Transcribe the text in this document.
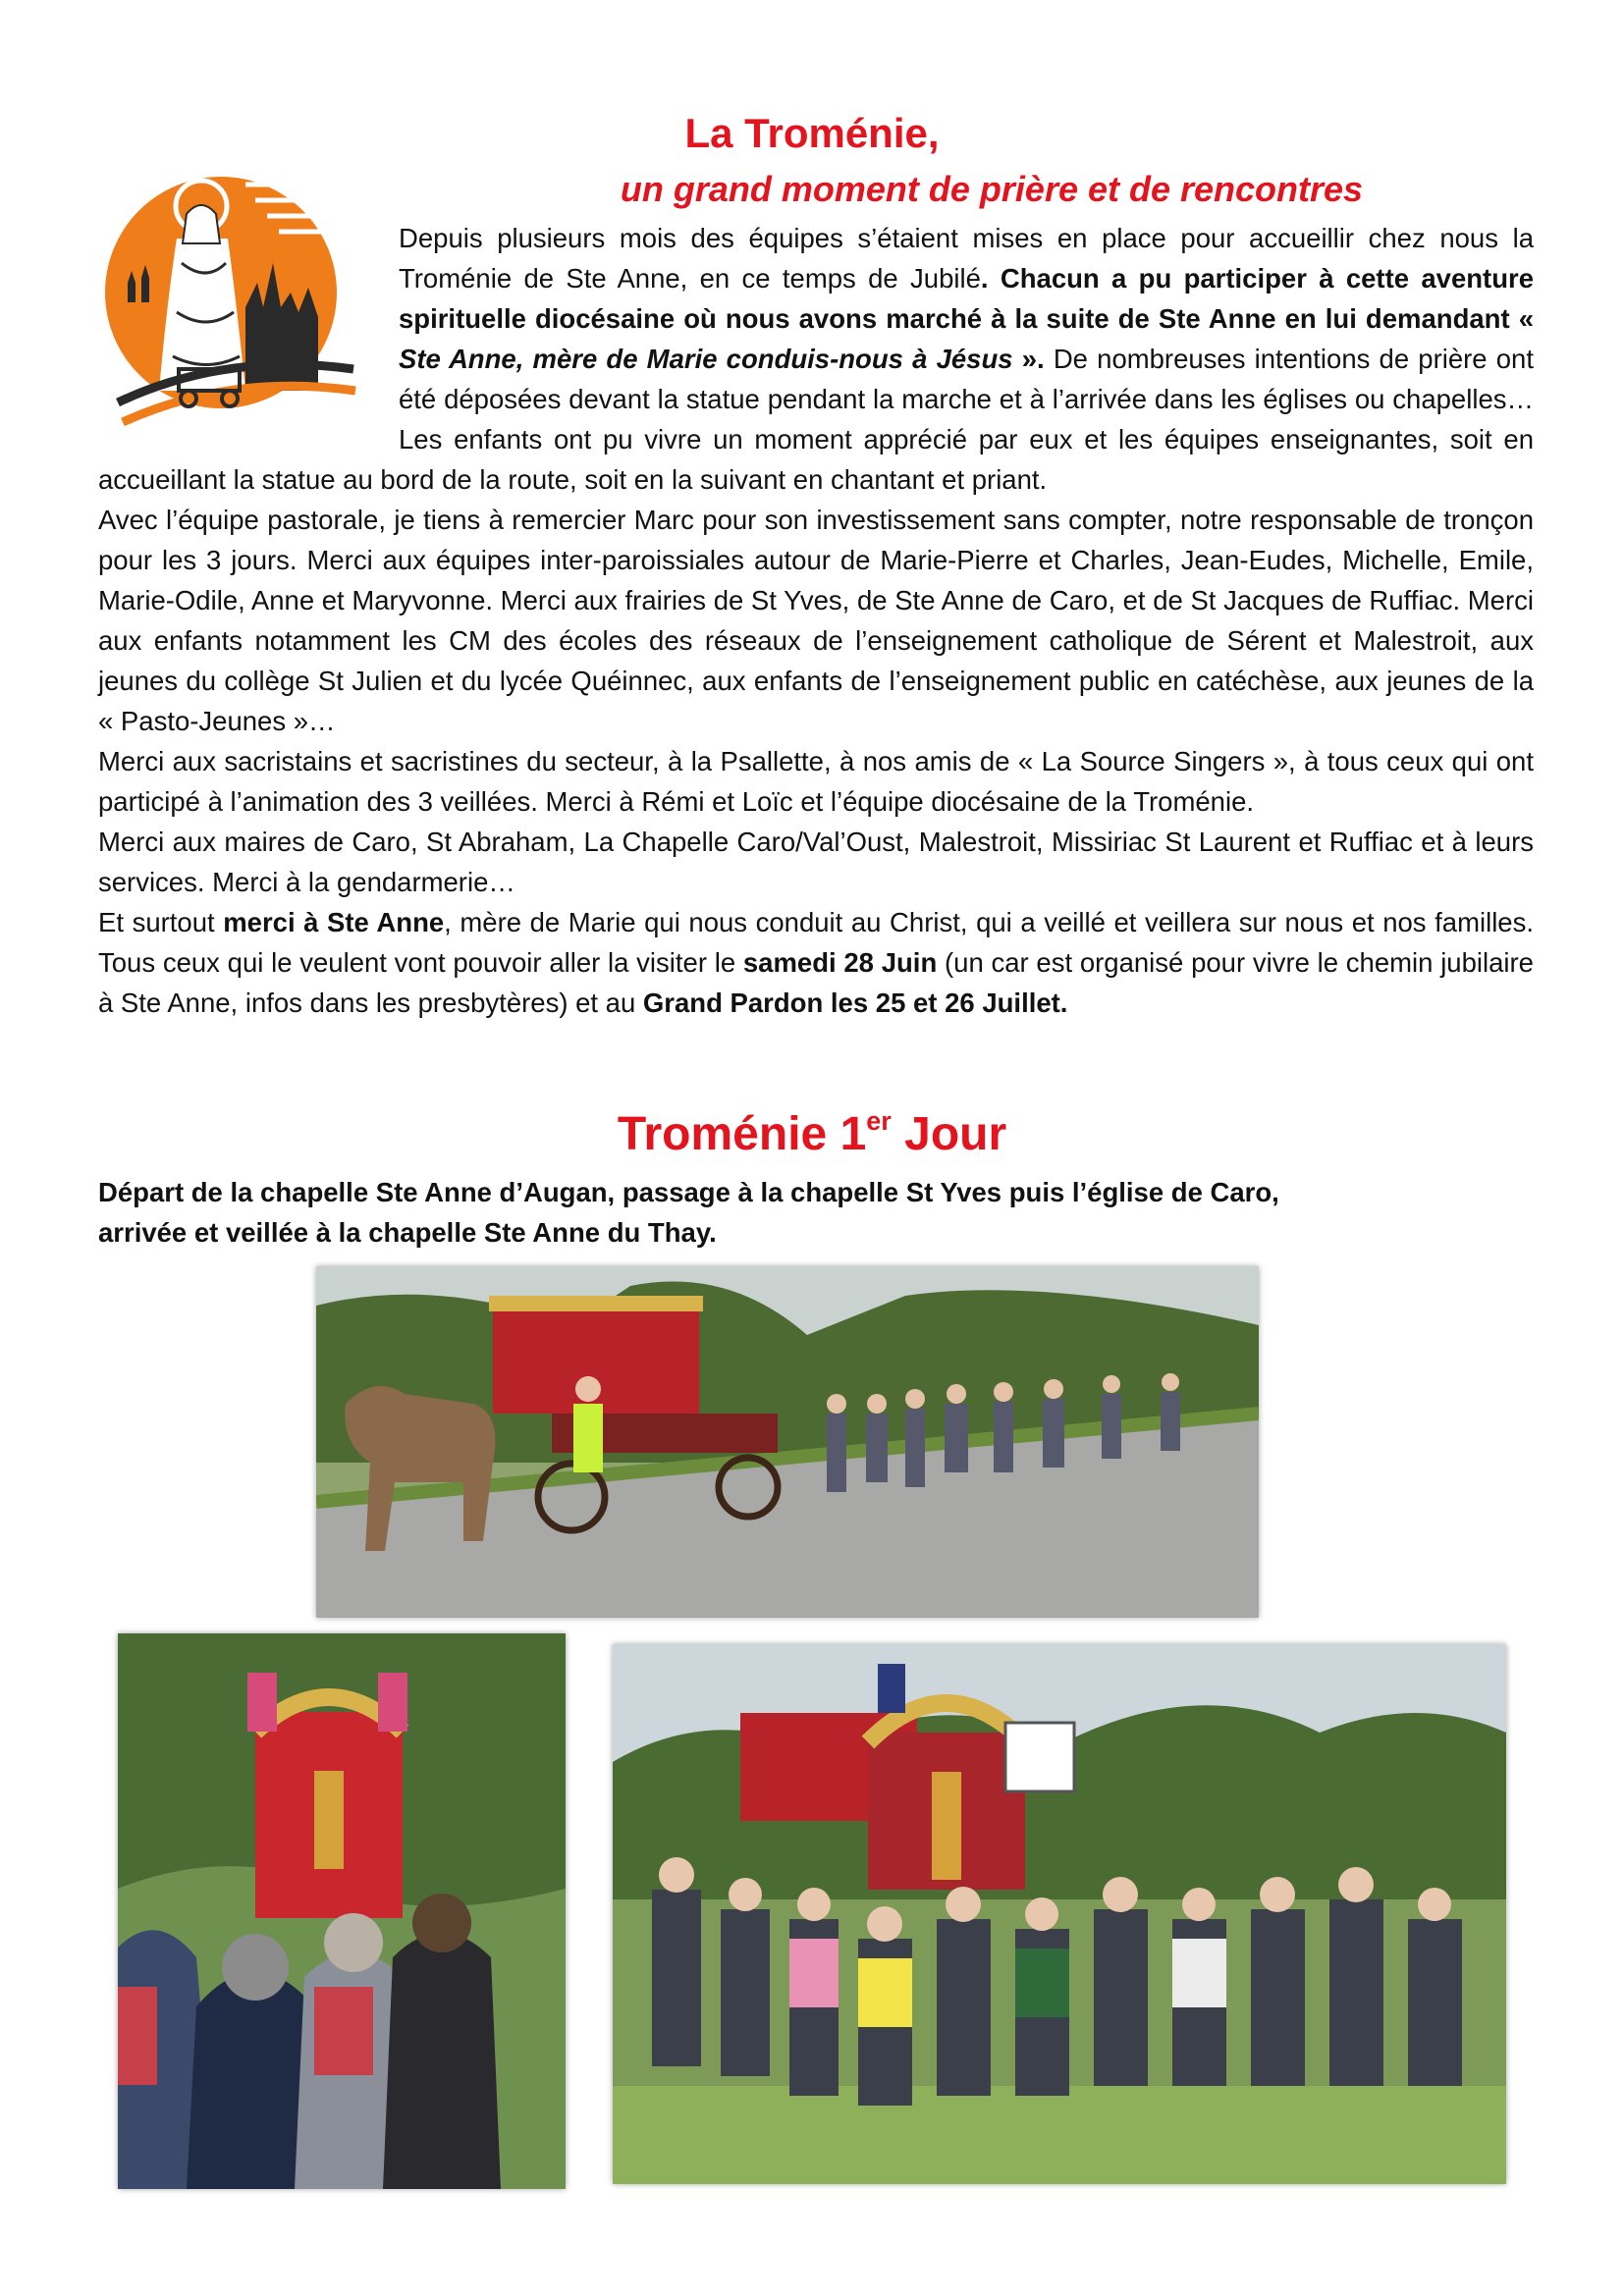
La Troménie,
un grand moment de prière et de rencontres

Depuis plusieurs mois des équipes s’étaient mises en place pour accueillir chez nous la Troménie de Ste Anne, en ce temps de Jubilé. Chacun a pu participer à cette aventure spirituelle diocésaine où nous avons marché à la suite de Ste Anne en lui demandant « Ste Anne, mère de Marie conduis-nous à Jésus ». De nombreuses intentions de prière ont été déposées devant la statue pendant la marche et à l’arrivée dans les églises ou chapelles… Les enfants ont pu vivre un moment apprécié par eux et les équipes enseignantes, soit en accueillant la statue au bord de la route, soit en la suivant en chantant et priant.

Avec l’équipe pastorale, je tiens à remercier Marc pour son investissement sans compter, notre responsable de tronçon pour les 3 jours. Merci aux équipes inter-paroissiales autour de Marie-Pierre et Charles, Jean-Eudes, Michelle, Emile, Marie-Odile, Anne et Maryvonne. Merci aux frairies de St Yves, de Ste Anne de Caro, et de St Jacques de Ruffiac. Merci aux enfants notamment les CM des écoles des réseaux de l’enseignement catholique de Sérent et Malestroit, aux jeunes du collège St Julien et du lycée Quéinnec, aux enfants de l’enseignement public en catéchèse, aux jeunes de la « Pasto-Jeunes »…

Merci aux sacristains et sacristines du secteur, à la Psallette, à nos amis de « La Source Singers », à tous ceux qui ont participé à l’animation des 3 veillées. Merci à Rémi et Loïc et l’équipe diocésaine de la Troménie.

Merci aux maires de Caro, St Abraham, La Chapelle Caro/Val’Oust, Malestroit, Missiriac St Laurent et Ruffiac et à leurs services. Merci à la gendarmerie…

Et surtout merci à Ste Anne, mère de Marie qui nous conduit au Christ, qui a veillé et veillera sur nous et nos familles. Tous ceux qui le veulent vont pouvoir aller la visiter le samedi 28 Juin (un car est organisé pour vivre le chemin jubilaire à Ste Anne, infos dans les presbytères) et au Grand Pardon les 25 et 26 Juillet.

Troménie 1er Jour

Départ de la chapelle Ste Anne d’Augan, passage à la chapelle St Yves puis l’église de Caro, arrivée et veillée à la chapelle Ste Anne du Thay.
